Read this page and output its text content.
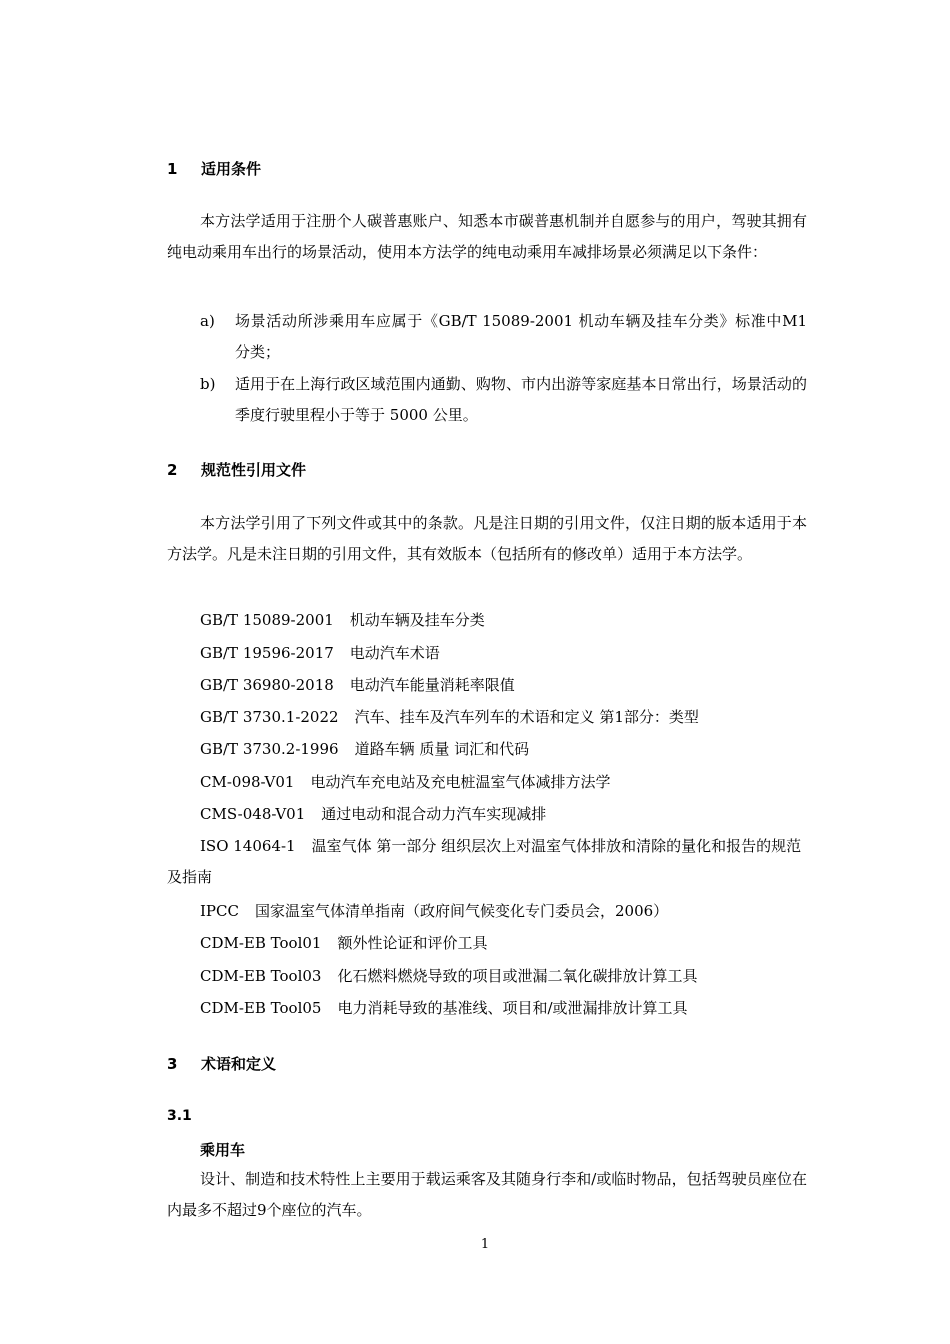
1 适用条件

本方法学适用于注册个人碳普惠账户、知悉本市碳普惠机制并自愿参与的用户，驾驶其拥有纯电动乘用车出行的场景活动，使用本方法学的纯电动乘用车减排场景必须满足以下条件：

a)	场景活动所涉乘用车应属于《GB/T 15089-2001 机动车辆及挂车分类》标准中M1 分类；
b)	适用于在上海行政区域范围内通勤、购物、市内出游等家庭基本日常出行，场景活动的季度行驶里程小于等于 5000 公里。
2 规范性引用文件

本方法学引用了下列文件或其中的条款。凡是注日期的引用文件，仅注日期的版本适用于本方法学。凡是未注日期的引用文件，其有效版本（包括所有的修改单）适用于本方法学。

GB/T 15089-2001 机动车辆及挂车分类

GB/T 19596-2017 电动汽车术语

GB/T 36980-2018 电动汽车能量消耗率限值

GB/T 3730.1-2022 汽车、挂车及汽车列车的术语和定义 第1部分：类型

GB/T 3730.2-1996 道路车辆 质量 词汇和代码

CM-098-V01 电动汽车充电站及充电桩温室气体减排方法学

CMS-048-V01 通过电动和混合动力汽车实现减排

ISO 14064-1 温室气体 第一部分 组织层次上对温室气体排放和清除的量化和报告的规范及指南

IPCC 国家温室气体清单指南（政府间气候变化专门委员会，2006）

CDM-EB Tool01 额外性论证和评价工具

CDM-EB Tool03 化石燃料燃烧导致的项目或泄漏二氧化碳排放计算工具

CDM-EB Tool05 电力消耗导致的基准线、项目和/或泄漏排放计算工具

3 术语和定义
3.1
乘用车

设计、制造和技术特性上主要用于载运乘客及其随身行李和/或临时物品，包括驾驶员座位在内最多不超过9个座位的汽车。

1
